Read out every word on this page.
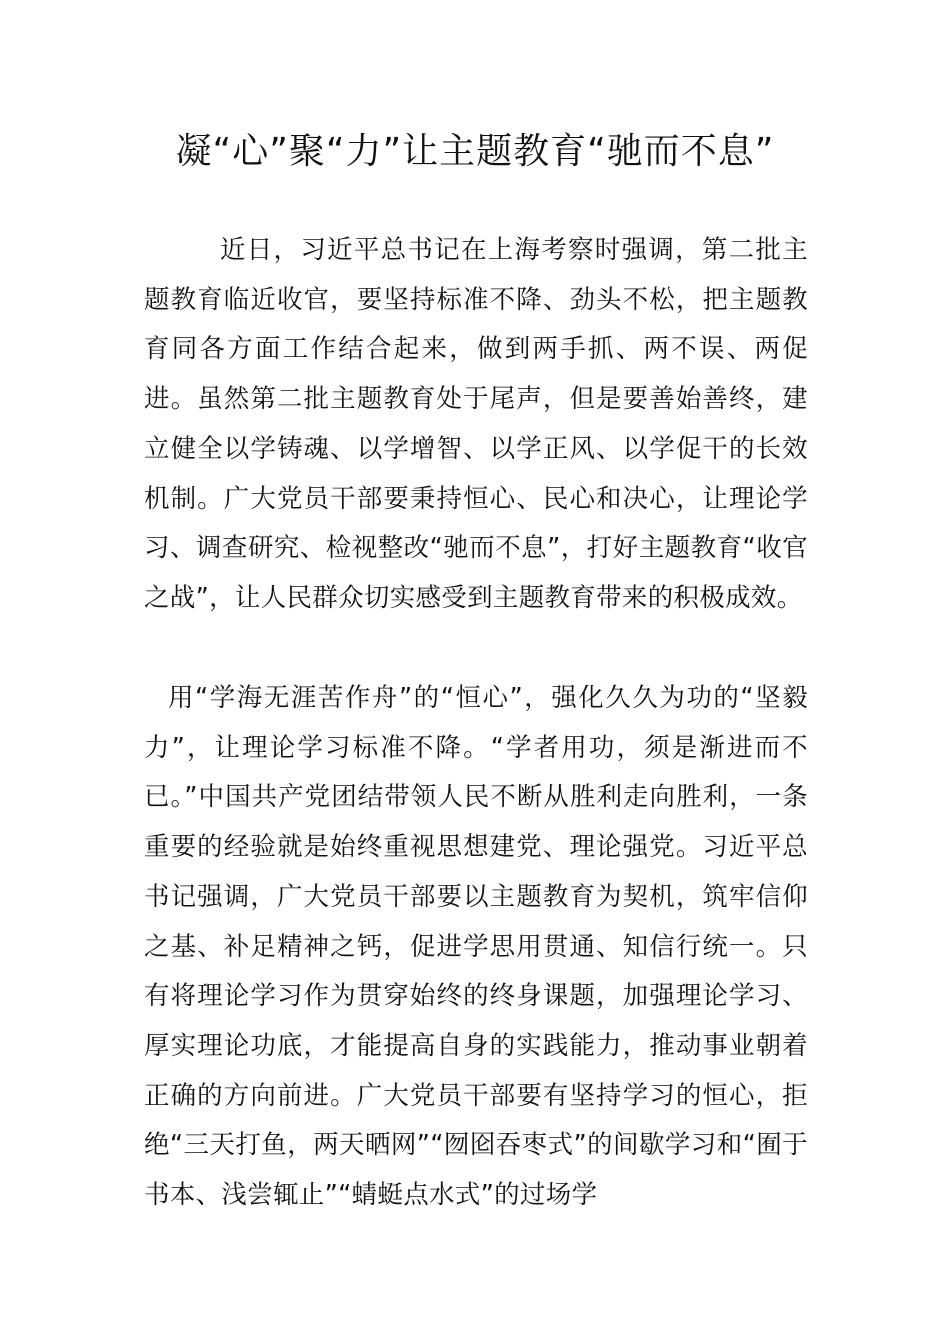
凝“心”聚“力”让主题教育“驰而不息”

近日，习近平总书记在上海考察时强调，第二批主题教育临近收官，要坚持标准不降、劲头不松，把主题教育同各方面工作结合起来，做到两手抓、两不误、两促进。虽然第二批主题教育处于尾声，但是要善始善终，建立健全以学铸魂、以学增智、以学正风、以学促干的长效机制。广大党员干部要秉持恒心、民心和决心，让理论学习、调查研究、检视整改“驰而不息”，打好主题教育“收官之战”，让人民群众切实感受到主题教育带来的积极成效。

用“学海无涯苦作舟”的“恒心”，强化久久为功的“坚毅力”，让理论学习标准不降。“学者用功，须是渐进而不已。”中国共产党团结带领人民不断从胜利走向胜利，一条重要的经验就是始终重视思想建党、理论强党。习近平总书记强调，广大党员干部要以主题教育为契机，筑牢信仰之基、补足精神之钙，促进学思用贯通、知信行统一。只有将理论学习作为贯穿始终的终身课题，加强理论学习、厚实理论功底，才能提高自身的实践能力，推动事业朝着正确的方向前进。广大党员干部要有坚持学习的恒心，拒绝“三天打鱼，两天晒网”“囫囵吞枣式”的间歇学习和“囿于书本、浅尝辄止”“蜻蜓点水式”的过场学
